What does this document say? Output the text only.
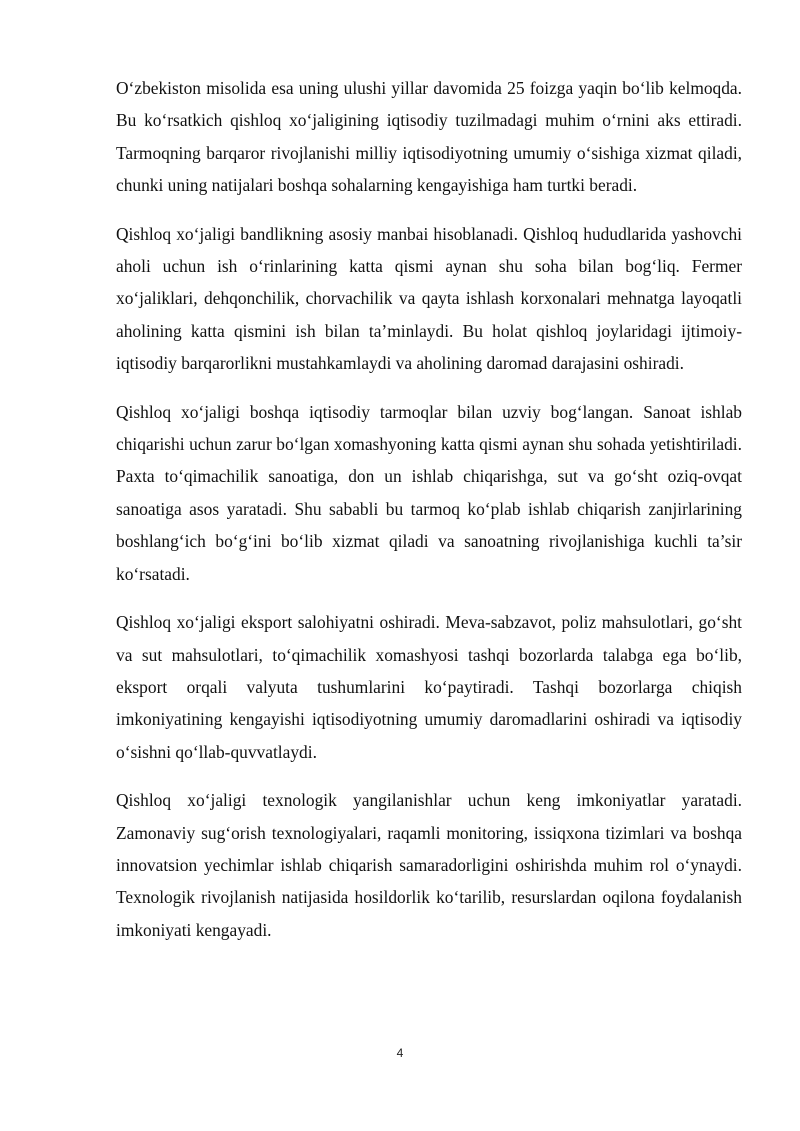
O‘zbekiston misolida esa uning ulushi yillar davomida 25 foizga yaqin bo‘lib kelmoqda. Bu ko‘rsatkich qishloq xo‘jaligining iqtisodiy tuzilmadagi muhim o‘rnini aks ettiradi. Tarmoqning barqaror rivojlanishi milliy iqtisodiyotning umumiy o‘sishiga xizmat qiladi, chunki uning natijalari boshqa sohalarning kengayishiga ham turtki beradi.

Qishloq xo‘jaligi bandlikning asosiy manbai hisoblanadi. Qishloq hududlarida yashovchi aholi uchun ish o‘rinlarining katta qismi aynan shu soha bilan bog‘liq. Fermer xo‘jaliklari, dehqonchilik, chorvachilik va qayta ishlash korxonalari mehnatga layoqatli aholining katta qismini ish bilan ta’minlaydi. Bu holat qishloq joylaridagi ijtimoiy-iqtisodiy barqarorlikni mustahkamlaydi va aholining daromad darajasini oshiradi.

Qishloq xo‘jaligi boshqa iqtisodiy tarmoqlar bilan uzviy bog‘langan. Sanoat ishlab chiqarishi uchun zarur bo‘lgan xomashyoning katta qismi aynan shu sohada yetishtiriladi. Paxta to‘qimachilik sanoatiga, don un ishlab chiqarishga, sut va go‘sht oziq-ovqat sanoatiga asos yaratadi. Shu sababli bu tarmoq ko‘plab ishlab chiqarish zanjirlarining boshlang‘ich bo‘g‘ini bo‘lib xizmat qiladi va sanoatning rivojlanishiga kuchli ta’sir ko‘rsatadi.

Qishloq xo‘jaligi eksport salohiyatni oshiradi. Meva-sabzavot, poliz mahsulotlari, go‘sht va sut mahsulotlari, to‘qimachilik xomashyosi tashqi bozorlarda talabga ega bo‘lib, eksport orqali valyuta tushumlarini ko‘paytiradi. Tashqi bozorlarga chiqish imkoniyatining kengayishi iqtisodiyotning umumiy daromadlarini oshiradi va iqtisodiy o‘sishni qo‘llab-quvvatlaydi.

Qishloq xo‘jaligi texnologik yangilanishlar uchun keng imkoniyatlar yaratadi. Zamonaviy sug‘orish texnologiyalari, raqamli monitoring, issiqxona tizimlari va boshqa innovatsion yechimlar ishlab chiqarish samaradorligini oshirishda muhim rol o‘ynaydi. Texnologik rivojlanish natijasida hosildorlik ko‘tarilib, resurslardan oqilona foydalanish imkoniyati kengayadi.

4
